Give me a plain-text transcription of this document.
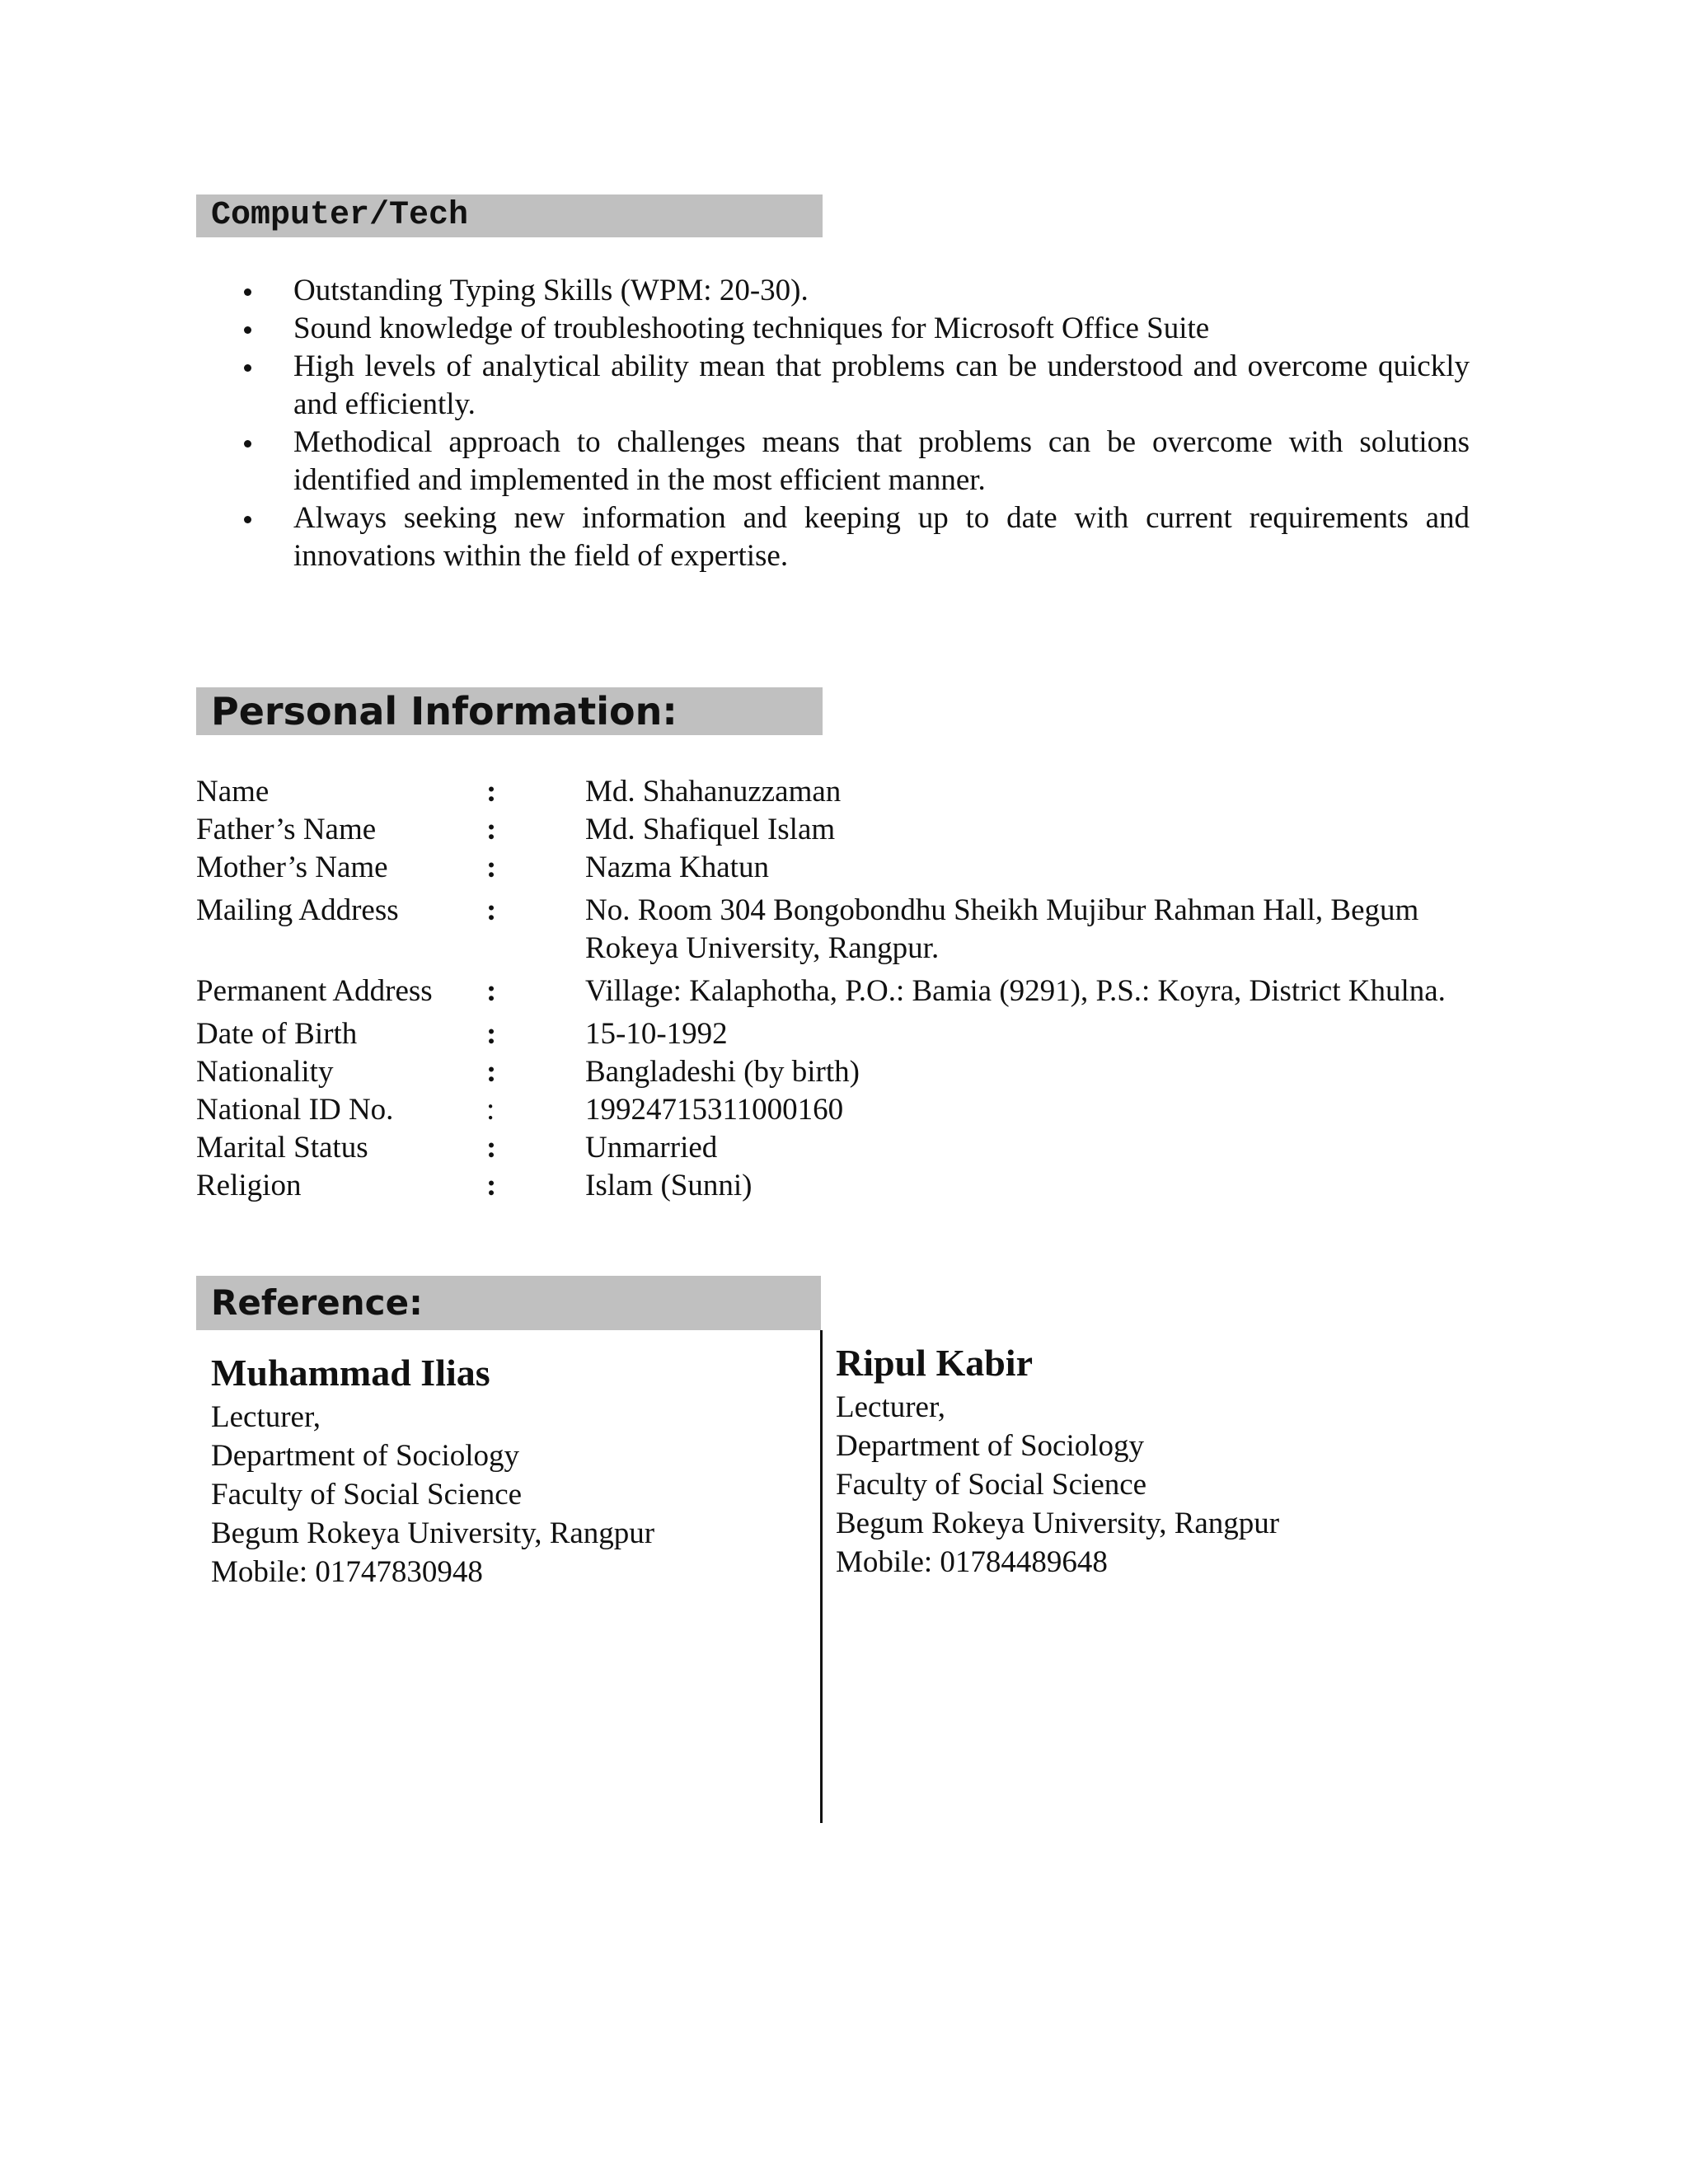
Computer/Tech
Outstanding Typing Skills (WPM: 20-30).
Sound knowledge of troubleshooting techniques for Microsoft Office Suite
High levels of analytical ability mean that problems can be understood and overcome quickly and efficiently.
Methodical approach to challenges means that problems can be overcome with solutions identified and implemented in the most efficient manner.
Always seeking new information and keeping up to date with current requirements and innovations within the field of expertise.
Personal Information:
Name	:	Md. Shahanuzzaman
Father’s Name	:	Md. Shafiquel Islam
Mother’s Name	:	Nazma Khatun
Mailing Address	:	No. Room 304 Bongobondhu Sheikh Mujibur Rahman Hall, Begum Rokeya University, Rangpur.
Permanent Address	:	Village: Kalaphotha, P.O.: Bamia (9291), P.S.: Koyra, District Khulna.
Date of Birth	:	15-10-1992
Nationality	:	Bangladeshi (by birth)
National ID No.	:	19924715311000160
Marital Status	:	Unmarried
Religion	:	Islam (Sunni)
Reference:
Muhammad Ilias
Lecturer,
Department of Sociology
Faculty of Social Science
Begum Rokeya University, Rangpur
Mobile: 01747830948
Ripul Kabir
Lecturer,
Department of Sociology
Faculty of Social Science
Begum Rokeya University, Rangpur
Mobile: 01784489648
